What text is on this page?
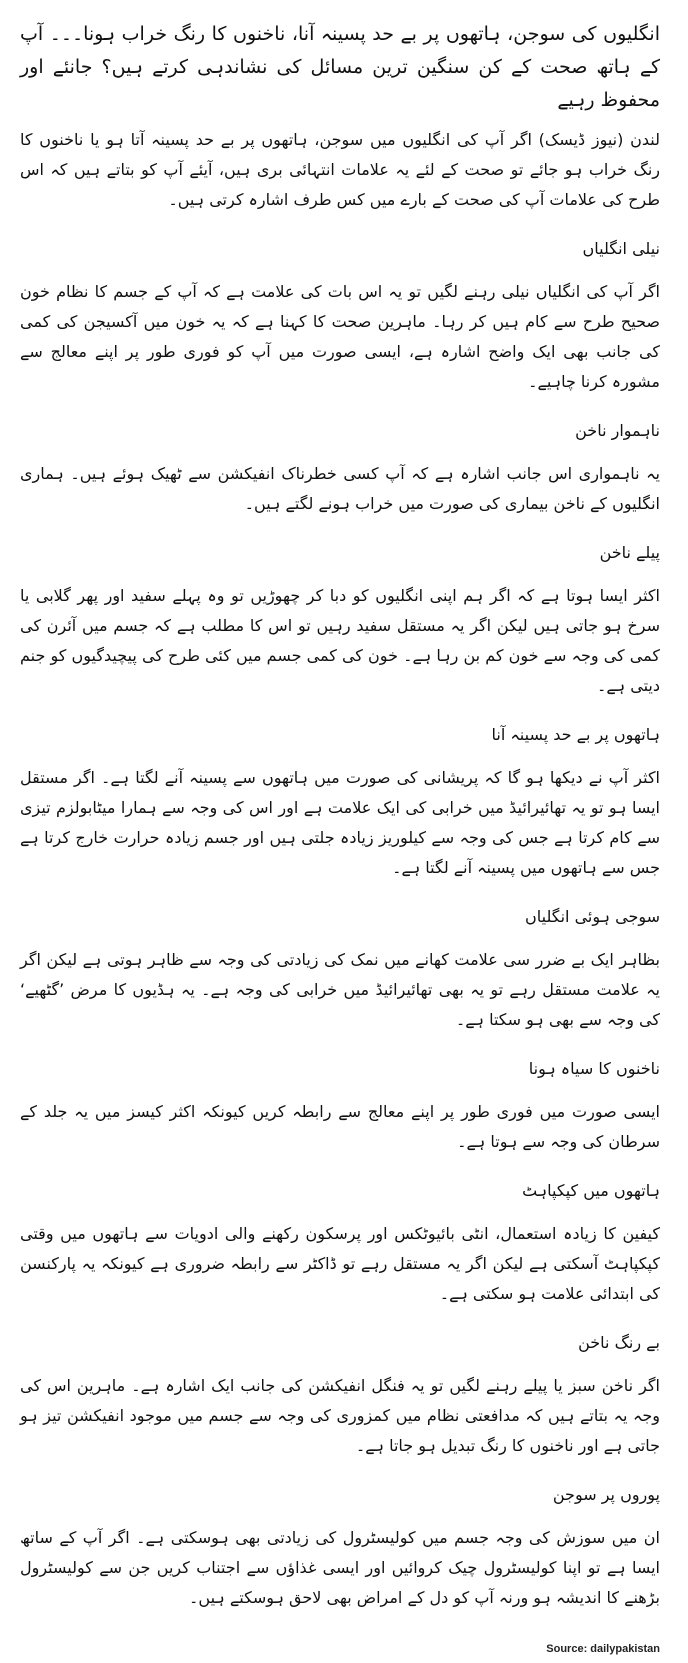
انگلیوں کی سوجن، ہاتھوں پر بے حد پسینہ آنا، ناخنوں کا رنگ خراب ہونا۔۔۔ آپ کے ہاتھ صحت کے کن سنگین ترین مسائل کی نشاندہی کرتے ہیں؟ جانئے اور محفوظ رہیے

لندن (نیوز ڈیسک) اگر آپ کی انگلیوں میں سوجن، ہاتھوں پر بے حد پسینہ آتا ہو یا ناخنوں کا رنگ خراب ہو جائے تو صحت کے لئے یہ علامات انتہائی بری ہیں، آیئے آپ کو بتاتے ہیں کہ اس طرح کی علامات آپ کی صحت کے بارے میں کس طرف اشارہ کرتی ہیں۔

نیلی انگلیاں

اگر آپ کی انگلیاں نیلی رہنے لگیں تو یہ اس بات کی علامت ہے کہ آپ کے جسم کا نظام خون صحیح طرح سے کام ہیں کر رہا۔ ماہرین صحت کا کہنا ہے کہ یہ خون میں آکسیجن کی کمی کی جانب بھی ایک واضح اشارہ ہے، ایسی صورت میں آپ کو فوری طور پر اپنے معالج سے مشورہ کرنا چاہیے۔

ناہموار ناخن

یہ ناہمواری اس جانب اشارہ ہے کہ آپ کسی خطرناک انفیکشن سے ٹھیک ہوئے ہیں۔ ہماری انگلیوں کے ناخن بیماری کی صورت میں خراب ہونے لگتے ہیں۔

پیلے ناخن

اکثر ایسا ہوتا ہے کہ اگر ہم اپنی انگلیوں کو دبا کر چھوڑیں تو وہ پہلے سفید اور پھر گلابی یا سرخ ہو جاتی ہیں لیکن اگر یہ مستقل سفید رہیں تو اس کا مطلب ہے کہ جسم میں آئرن کی کمی کی وجہ سے خون کم بن رہا ہے۔ خون کی کمی جسم میں کئی طرح کی پیچیدگیوں کو جنم دیتی ہے۔

ہاتھوں پر بے حد پسینہ آنا

اکثر آپ نے دیکھا ہو گا کہ پریشانی کی صورت میں ہاتھوں سے پسینہ آنے لگتا ہے۔ اگر مستقل ایسا ہو تو یہ تھائیرائیڈ میں خرابی کی ایک علامت ہے اور اس کی وجہ سے ہمارا میٹابولزم تیزی سے کام کرتا ہے جس کی وجہ سے کیلوریز زیادہ جلتی ہیں اور جسم زیادہ حرارت خارج کرتا ہے جس سے ہاتھوں میں پسینہ آنے لگتا ہے۔

سوجی ہوئی انگلیاں

بظاہر ایک بے ضرر سی علامت کھانے میں نمک کی زیادتی کی وجہ سے ظاہر ہوتی ہے لیکن اگر یہ علامت مستقل رہے تو یہ بھی تھائیرائیڈ میں خرابی کی وجہ ہے۔ یہ ہڈیوں کا مرض ’گٹھیے‘ کی وجہ سے بھی ہو سکتا ہے۔

ناخنوں کا سیاہ ہونا

ایسی صورت میں فوری طور پر اپنے معالج سے رابطہ کریں کیونکہ اکثر کیسز میں یہ جلد کے سرطان کی وجہ سے ہوتا ہے۔

ہاتھوں میں کپکپاہٹ

کیفین کا زیادہ استعمال، انٹی بائیوٹکس اور پرسکون رکھنے والی ادویات سے ہاتھوں میں وقتی کپکپاہٹ آسکتی ہے لیکن اگر یہ مستقل رہے تو ڈاکٹر سے رابطہ ضروری ہے کیونکہ یہ پارکنسن کی ابتدائی علامت ہو سکتی ہے۔

بے رنگ ناخن

اگر ناخن سبز یا پیلے رہنے لگیں تو یہ فنگل انفیکشن کی جانب ایک اشارہ ہے۔ ماہرین اس کی وجہ یہ بتاتے ہیں کہ مدافعتی نظام میں کمزوری کی وجہ سے جسم میں موجود انفیکشن تیز ہو جاتی ہے اور ناخنوں کا رنگ تبدیل ہو جاتا ہے۔

پوروں پر سوجن

ان میں سوزش کی وجہ جسم میں کولیسٹرول کی زیادتی بھی ہوسکتی ہے۔ اگر آپ کے ساتھ ایسا ہے تو اپنا کولیسٹرول چیک کروائیں اور ایسی غذاؤں سے اجتناب کریں جن سے کولیسٹرول بڑھنے کا اندیشہ ہو ورنہ آپ کو دل کے امراض بھی لاحق ہوسکتے ہیں۔

Source: dailypakistan
